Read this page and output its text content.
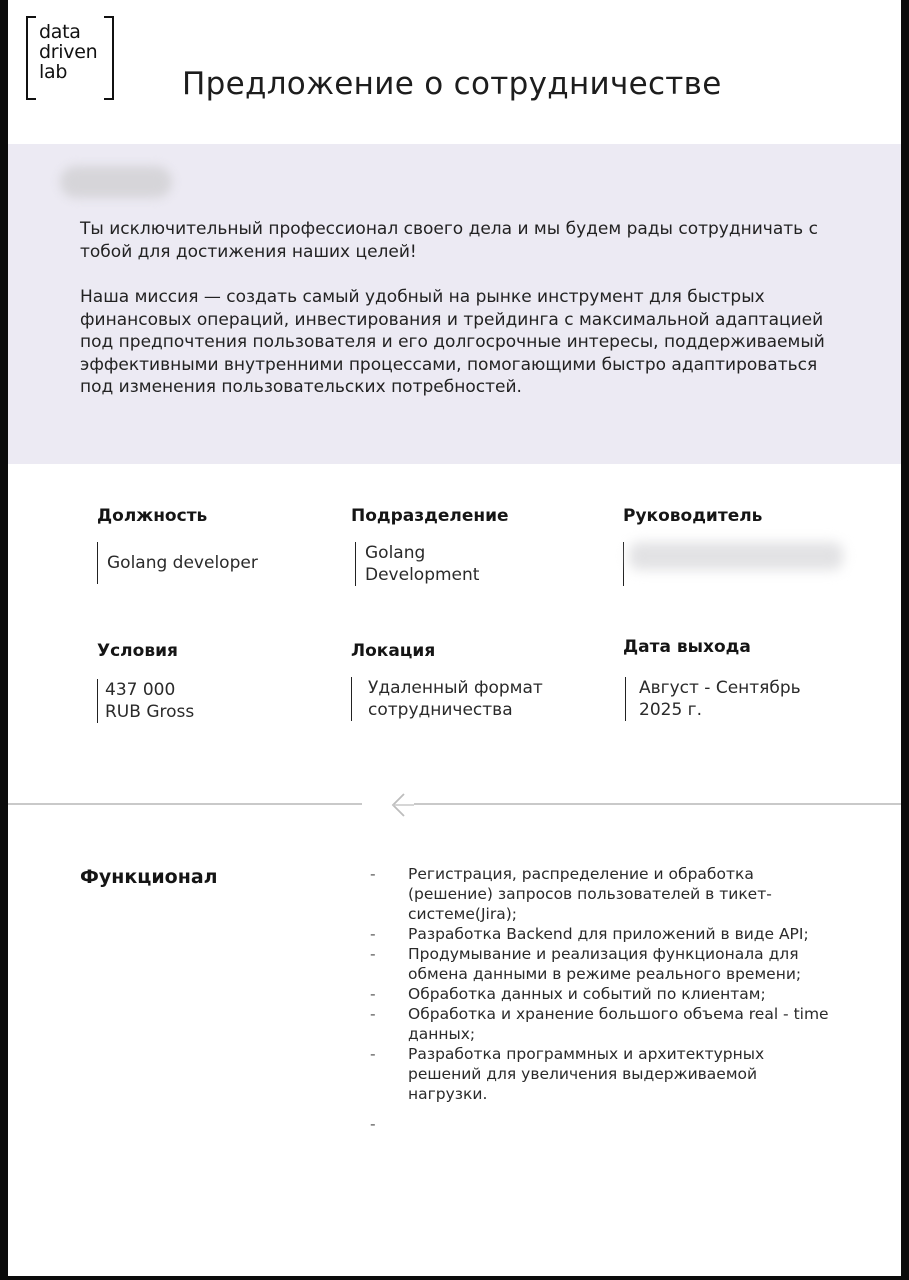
data
driven
lab	Предложение о сотрудничестве

Ты исключительный профессионал своего дела и мы будем рады сотрудничать с тобой для достижения наших целей!

Наша миссия — создать самый удобный на рынке инструмент для быстрых финансовых операций, инвестирования и трейдинга с максимальной адаптацией под предпочтения пользователя и его долгосрочные интересы, поддерживаемый эффективными внутренними процессами, помогающими быстро адаптироваться под изменения пользовательских потребностей.

Должность
Golang developer
Подразделение
Golang
Development
Руководитель
Условия
437 000
RUB Gross
Локация
Удаленный формат
сотрудничества
Дата выхода
Август - Сентябрь
2025 г.
Функционал	- Регистрация, распределение и обработка (решение) запросов пользователей в тикет-системе(Jira);
- Разработка Backend для приложений в виде API;
- Продумывание и реализация функционала для обмена данными в режиме реального времени;
- Обработка данных и событий по клиентам;
- Обработка и хранение большого объема real - time данных;
- Разработка программных и архитектурных решений для увеличения выдерживаемой нагрузки.
-
